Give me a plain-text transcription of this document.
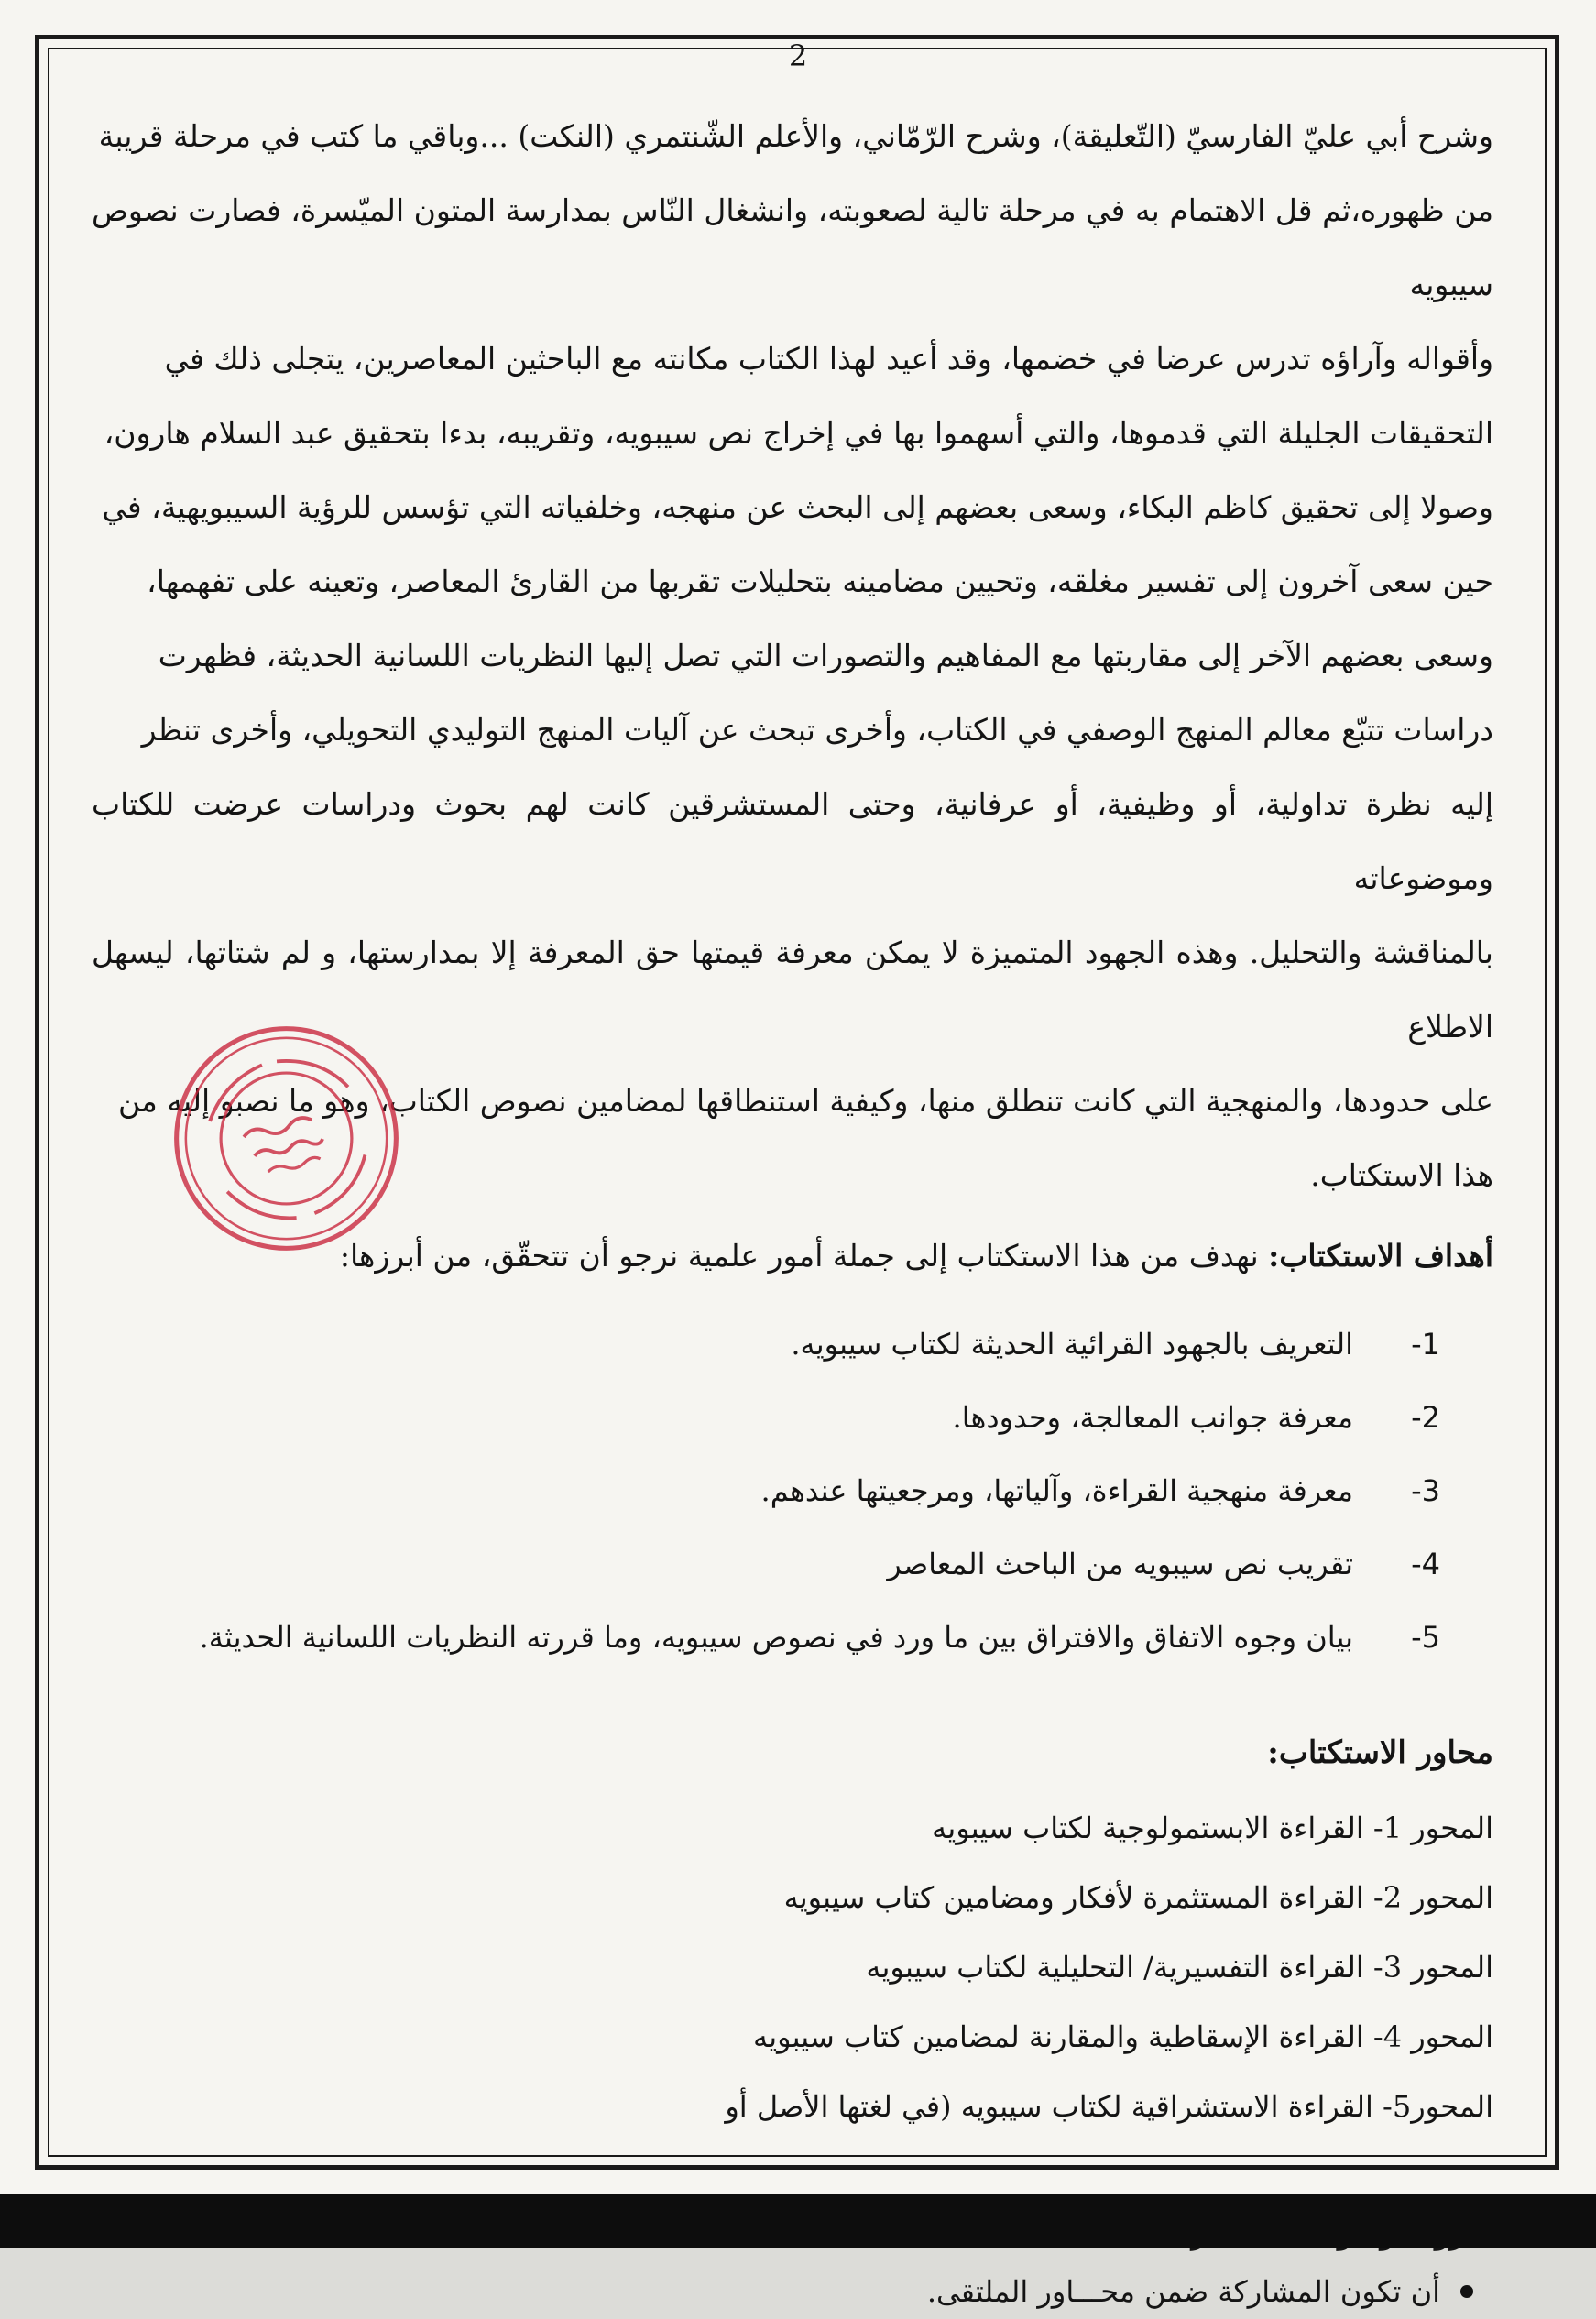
2

وشرح أبي عليّ الفارسيّ (التّعليقة)، وشرح الرّمّاني، والأعلم الشّنتمري (النكت) ...وباقي ما كتب في مرحلة قريبة

من ظهوره،ثم قل الاهتمام به في مرحلة تالية لصعوبته، وانشغال النّاس بمدارسة المتون الميّسرة، فصارت نصوص سيبويه

وأقواله وآراؤه تدرس عرضا في خضمها، وقد أعيد لهذا الكتاب مكانته مع الباحثين المعاصرين، يتجلى ذلك في

التحقيقات الجليلة التي قدموها، والتي أسهموا بها في إخراج نص سيبويه، وتقريبه، بدءا بتحقيق عبد السلام هارون،

وصولا إلى تحقيق كاظم البكاء، وسعى بعضهم إلى البحث عن منهجه، وخلفياته التي تؤسس للرؤية السيبويهية، في

حين سعى آخرون إلى تفسير مغلقه، وتحيين مضامينه بتحليلات تقربها من القارئ المعاصر، وتعينه على تفهمها،

وسعى بعضهم الآخر إلى مقاربتها مع المفاهيم والتصورات التي تصل إليها النظريات اللسانية الحديثة، فظهرت

دراسات تتبّع معالم المنهج الوصفي في الكتاب، وأخرى تبحث عن آليات المنهج التوليدي التحويلي، وأخرى تنظر

إليه نظرة تداولية، أو وظيفية، أو عرفانية، وحتى المستشرقين كانت لهم بحوث ودراسات عرضت للكتاب وموضوعاته

بالمناقشة والتحليل. وهذه الجهود المتميزة لا يمكن معرفة قيمتها حق المعرفة إلا بمدارستها، و لم شتاتها، ليسهل الاطلاع

على حدودها، والمنهجية التي كانت تنطلق منها، وكيفية استنطاقها لمضامين نصوص الكتاب، وهو ما نصبو إليه من

هذا الاستكتاب.

أهداف الاستكتاب: نهدف من هذا الاستكتاب إلى جملة أمور علمية نرجو أن تتحقّق، من أبرزها:
1-
التعريف بالجهود القرائية الحديثة لكتاب سيبويه.
2-
معرفة جوانب المعالجة، وحدودها.
3-
معرفة منهجية القراءة، وآلياتها، ومرجعيتها عندهم.
4-
تقريب نص سيبويه من الباحث المعاصر
5-
بيان وجوه الاتفاق والافتراق بين ما ورد في نصوص سيبويه، وما قررته النظريات اللسانية الحديثة.
محاور الاستكتاب:
المحور 1- القراءة الابستمولوجية لكتاب سيبويه
المحور 2- القراءة المستثمرة لأفكار ومضامين كتاب سيبويه
المحور 3- القراءة التفسيرية/ التحليلية لكتاب سيبويه
المحور 4- القراءة الإسقاطية والمقارنة لمضامين كتاب سيبويه
المحور5- القراءة الاستشراقية لكتاب سيبويه (في لغتها الأصل أو
أن تكون المشاركة ضمن محـــاور الملتقى.
